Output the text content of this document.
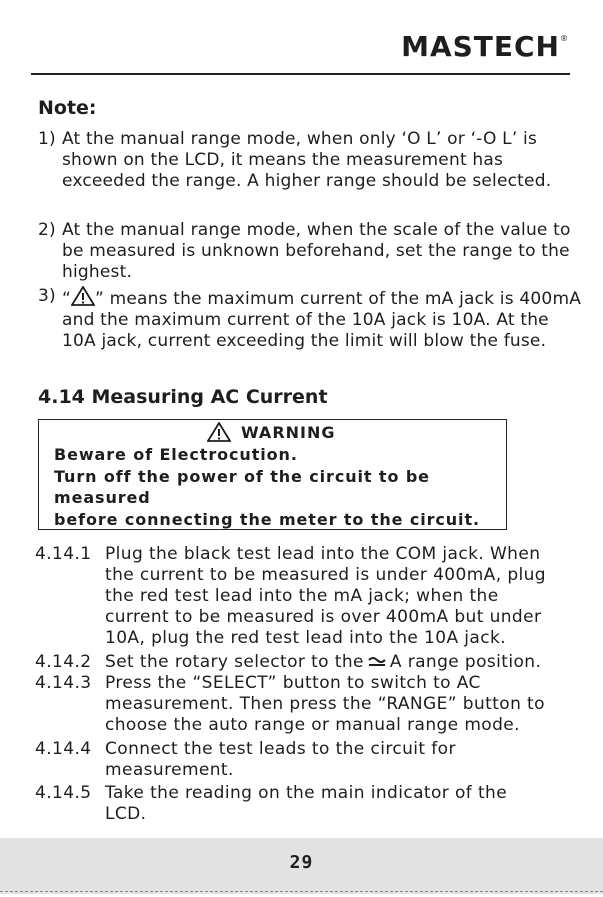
MASTECH®
Note:
1) At the manual range mode, when only ‘O L’ or ‘-O L’ is shown on the LCD, it means the measurement has exceeded the range. A higher range should be selected.
2) At the manual range mode, when the scale of the value to be measured is unknown beforehand, set the range to the highest.
3) “ ” means the maximum current of the mA jack is 400mA and the maximum current of the 10A jack is 10A. At the 10A jack, current exceeding the limit will blow the fuse.
4.14 Measuring AC Current
WARNING
Beware of Electrocution.
Turn off the power of the circuit to be
measured
before connecting the meter to the circuit.
4.14.1 Plug the black test lead into the COM jack. When
the current to be measured is under 400mA, plug the red test lead into the mA jack; when the current to be measured is over 400mA but under 10A, plug the red test lead into the 10A jack.
4.14.2 Set the rotary selector to the A range position.
4.14.3 Press the “SELECT” button to switch to AC
measurement. Then press the “RANGE” button to choose the auto range or manual range mode.
4.14.4 Connect the test leads to the circuit for
measurement.
4.14.5 Take the reading on the main indicator of the
LCD.
29
